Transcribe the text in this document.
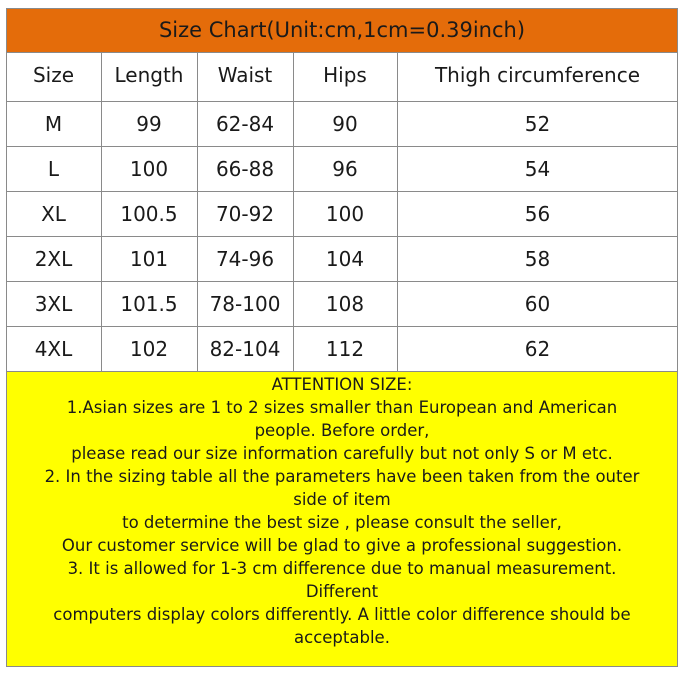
Size Chart(Unit:cm,1cm=0.39inch)
Size	Length	Waist	Hips	Thigh circumference
M	99	62-84	90	52
L	100	66-88	96	54
XL	100.5	70-92	100	56
2XL	101	74-96	104	58
3XL	101.5	78-100	108	60
4XL	102	82-104	112	62
ATTENTION SIZE:
1.Asian sizes are 1 to 2 sizes smaller than European and American
people. Before order,
please read our size information carefully but not only S or M etc.
2. In the sizing table all the parameters have been taken from the outer
side of item
to determine the best size , please consult the seller,
Our customer service will be glad to give a professional suggestion.
3. It is allowed for 1-3 cm difference due to manual measurement.
Different
computers display colors differently. A little color difference should be
acceptable.
